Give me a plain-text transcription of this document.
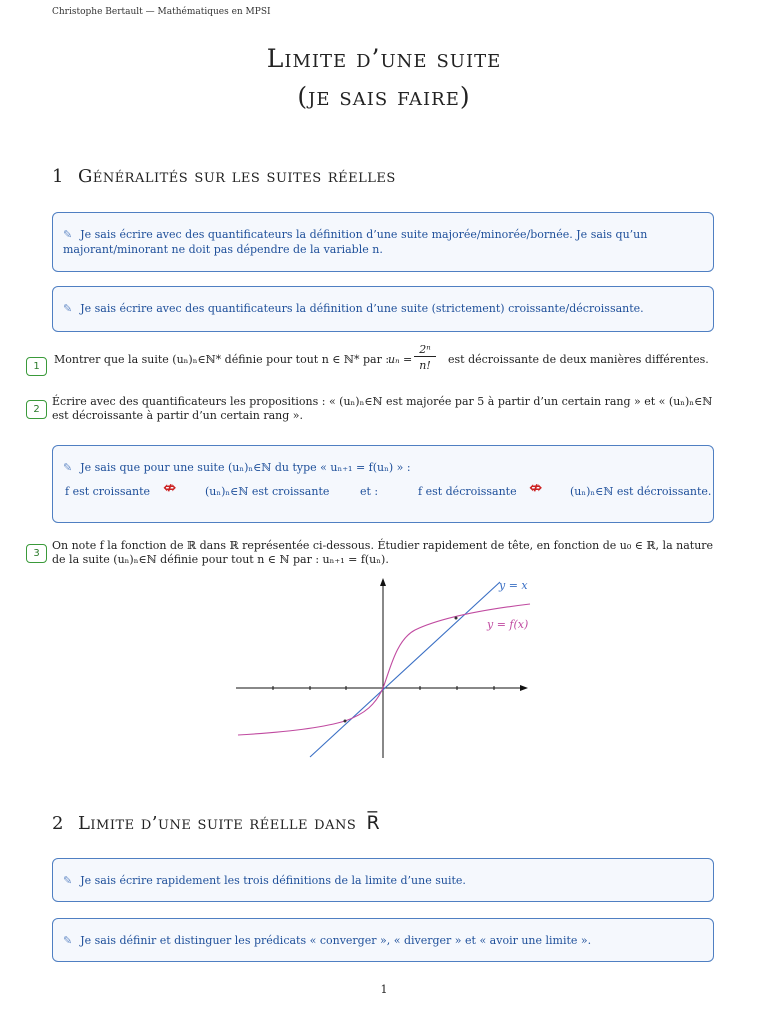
Christophe Bertault — Mathématiques en MPSI
Limite d’une suite
(je sais faire)
1 Généralités sur les suites réelles
✎ Je sais écrire avec des quantificateurs la définition d’une suite majorée/minorée/bornée. Je sais qu’un majorant/minorant ne doit pas dépendre de la variable n.
✎ Je sais écrire avec des quantificateurs la définition d’une suite (strictement) croissante/décroissante.
1
Montrer que la suite (uₙ)ₙ∈ℕ* définie pour tout n ∈ ℕ* par :
uₙ =
2ⁿ
n!	est décroissante de deux manières différentes.
2
Écrire avec des quantificateurs les propositions : « (uₙ)ₙ∈ℕ est majorée par 5 à partir d’un certain rang » et « (uₙ)ₙ∈ℕ est décroissante à partir d’un certain rang ».
✎ Je sais que pour une suite (uₙ)ₙ∈ℕ du type « uₙ₊₁ = f(uₙ) » :
f est croissante ⇎	(uₙ)ₙ∈ℕ est croissante	et :	f est décroissante ⇎	(uₙ)ₙ∈ℕ est décroissante.
3
On note f la fonction de ℝ dans ℝ représentée ci-dessous. Étudier rapidement de tête, en fonction de u₀ ∈ ℝ, la nature de la suite (uₙ)ₙ∈ℕ définie pour tout n ∈ ℕ par : uₙ₊₁ = f(uₙ).
y = x
y = f(x)
2 Limite d’une suite réelle dans R̅
✎ Je sais écrire rapidement les trois définitions de la limite d’une suite.
✎ Je sais définir et distinguer les prédicats « converger », « diverger » et « avoir une limite ».
1
